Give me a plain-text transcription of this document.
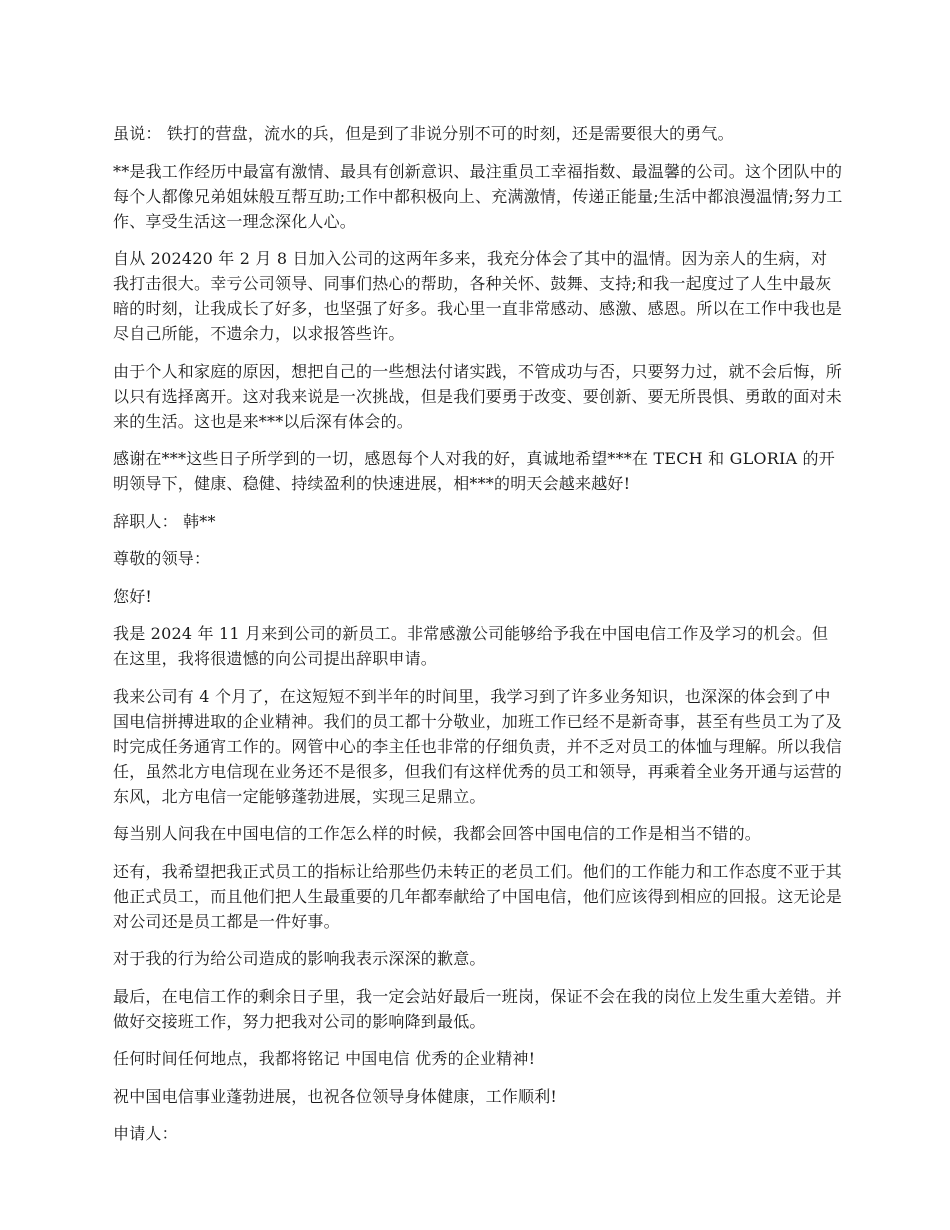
虽说： 铁打的营盘，流水的兵，但是到了非说分别不可的时刻，还是需要很大的勇气。

**是我工作经历中最富有激情、最具有创新意识、最注重员工幸福指数、最温馨的公司。这个团队中的每个人都像兄弟姐妹般互帮互助;工作中都积极向上、充满激情，传递正能量;生活中都浪漫温情;努力工作、享受生活这一理念深化人心。

自从 202420 年 2 月 8 日加入公司的这两年多来，我充分体会了其中的温情。因为亲人的生病，对我打击很大。幸亏公司领导、同事们热心的帮助，各种关怀、鼓舞、支持;和我一起度过了人生中最灰暗的时刻，让我成长了好多，也坚强了好多。我心里一直非常感动、感激、感恩。所以在工作中我也是尽自己所能，不遗余力，以求报答些许。

由于个人和家庭的原因，想把自己的一些想法付诸实践，不管成功与否，只要努力过，就不会后悔，所以只有选择离开。这对我来说是一次挑战，但是我们要勇于改变、要创新、要无所畏惧、勇敢的面对未来的生活。这也是来***以后深有体会的。

感谢在***这些日子所学到的一切，感恩每个人对我的好，真诚地希望***在 TECH 和 GLORIA 的开明领导下，健康、稳健、持续盈利的快速进展，相***的明天会越来越好!

辞职人： 韩**

尊敬的领导：

您好!

我是 2024 年 11 月来到公司的新员工。非常感激公司能够给予我在中国电信工作及学习的机会。但在这里，我将很遗憾的向公司提出辞职申请。

我来公司有 4 个月了，在这短短不到半年的时间里，我学习到了许多业务知识，也深深的体会到了中国电信拼搏进取的企业精神。我们的员工都十分敬业，加班工作已经不是新奇事，甚至有些员工为了及时完成任务通宵工作的。网管中心的李主任也非常的仔细负责，并不乏对员工的体恤与理解。所以我信任，虽然北方电信现在业务还不是很多，但我们有这样优秀的员工和领导，再乘着全业务开通与运营的东风，北方电信一定能够蓬勃进展，实现三足鼎立。

每当别人问我在中国电信的工作怎么样的时候，我都会回答中国电信的工作是相当不错的。

还有，我希望把我正式员工的指标让给那些仍未转正的老员工们。他们的工作能力和工作态度不亚于其他正式员工，而且他们把人生最重要的几年都奉献给了中国电信，他们应该得到相应的回报。这无论是对公司还是员工都是一件好事。

对于我的行为给公司造成的影响我表示深深的歉意。

最后，在电信工作的剩余日子里，我一定会站好最后一班岗，保证不会在我的岗位上发生重大差错。并做好交接班工作，努力把我对公司的影响降到最低。

任何时间任何地点，我都将铭记 中国电信 优秀的企业精神!

祝中国电信事业蓬勃进展，也祝各位领导身体健康，工作顺利!

申请人：
